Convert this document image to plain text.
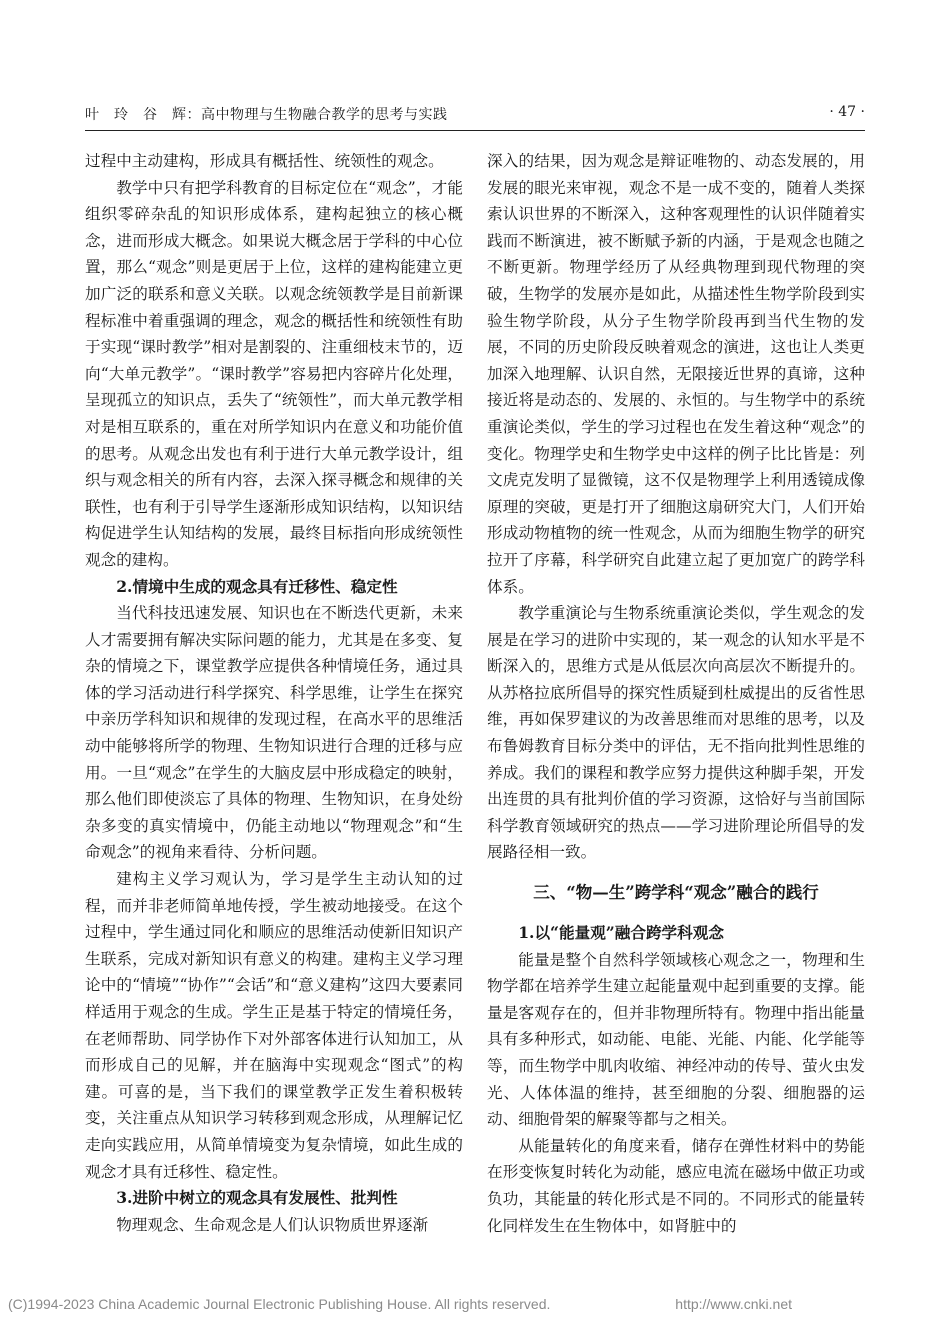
叶　玲　谷　辉：高中物理与生物融合教学的思考与实践	· 47 ·

过程中主动建构，形成具有概括性、统领性的观念。

教学中只有把学科教育的目标定位在“观念”，才能组织零碎杂乱的知识形成体系，建构起独立的核心概念，进而形成大概念。如果说大概念居于学科的中心位置，那么“观念”则是更居于上位，这样的建构能建立更加广泛的联系和意义关联。以观念统领教学是目前新课程标准中着重强调的理念，观念的概括性和统领性有助于实现“课时教学”相对是割裂的、注重细枝末节的，迈向“大单元教学”。“课时教学”容易把内容碎片化处理，呈现孤立的知识点，丢失了“统领性”，而大单元教学相对是相互联系的，重在对所学知识内在意义和功能价值的思考。从观念出发也有利于进行大单元教学设计，组织与观念相关的所有内容，去深入探寻概念和规律的关联性，也有利于引导学生逐渐形成知识结构，以知识结构促进学生认知结构的发展，最终目标指向形成统领性观念的建构。

2.情境中生成的观念具有迁移性、稳定性

当代科技迅速发展、知识也在不断迭代更新，未来人才需要拥有解决实际问题的能力，尤其是在多变、复杂的情境之下，课堂教学应提供各种情境任务，通过具体的学习活动进行科学探究、科学思维，让学生在探究中亲历学科知识和规律的发现过程，在高水平的思维活动中能够将所学的物理、生物知识进行合理的迁移与应用。一旦“观念”在学生的大脑皮层中形成稳定的映射，那么他们即使淡忘了具体的物理、生物知识，在身处纷杂多变的真实情境中，仍能主动地以“物理观念”和“生命观念”的视角来看待、分析问题。

建构主义学习观认为，学习是学生主动认知的过程，而并非老师简单地传授，学生被动地接受。在这个过程中，学生通过同化和顺应的思维活动使新旧知识产生联系，完成对新知识有意义的构建。建构主义学习理论中的“情境”“协作”“会话”和“意义建构”这四大要素同样适用于观念的生成。学生正是基于特定的情境任务，在老师帮助、同学协作下对外部客体进行认知加工，从而形成自己的见解，并在脑海中实现观念“图式”的构建。可喜的是，当下我们的课堂教学正发生着积极转变，关注重点从知识学习转移到观念形成，从理解记忆走向实践应用，从简单情境变为复杂情境，如此生成的观念才具有迁移性、稳定性。

3.进阶中树立的观念具有发展性、批判性

物理观念、生命观念是人们认识物质世界逐渐

深入的结果，因为观念是辩证唯物的、动态发展的，用发展的眼光来审视，观念不是一成不变的，随着人类探索认识世界的不断深入，这种客观理性的认识伴随着实践而不断演进，被不断赋予新的内涵，于是观念也随之不断更新。物理学经历了从经典物理到现代物理的突破，生物学的发展亦是如此，从描述性生物学阶段到实验生物学阶段，从分子生物学阶段再到当代生物的发展，不同的历史阶段反映着观念的演进，这也让人类更加深入地理解、认识自然，无限接近世界的真谛，这种接近将是动态的、发展的、永恒的。与生物学中的系统重演论类似，学生的学习过程也在发生着这种“观念”的变化。物理学史和生物学史中这样的例子比比皆是：列文虎克发明了显微镜，这不仅是物理学上利用透镜成像原理的突破，更是打开了细胞这扇研究大门，人们开始形成动物植物的统一性观念，从而为细胞生物学的研究拉开了序幕，科学研究自此建立起了更加宽广的跨学科体系。

教学重演论与生物系统重演论类似，学生观念的发展是在学习的进阶中实现的，某一观念的认知水平是不断深入的，思维方式是从低层次向高层次不断提升的。从苏格拉底所倡导的探究性质疑到杜威提出的反省性思维，再如保罗建议的为改善思维而对思维的思考，以及布鲁姆教育目标分类中的评估，无不指向批判性思维的养成。我们的课程和教学应努力提供这种脚手架，开发出连贯的具有批判价值的学习资源，这恰好与当前国际科学教育领域研究的热点——学习进阶理论所倡导的发展路径相一致。

三、“物—生”跨学科“观念”融合的践行
1.以“能量观”融合跨学科观念

能量是整个自然科学领域核心观念之一，物理和生物学都在培养学生建立起能量观中起到重要的支撑。能量是客观存在的，但并非物理所特有。物理中指出能量具有多种形式，如动能、电能、光能、内能、化学能等等，而生物学中肌肉收缩、神经冲动的传导、萤火虫发光、人体体温的维持，甚至细胞的分裂、细胞器的运动、细胞骨架的解聚等都与之相关。

从能量转化的角度来看，储存在弹性材料中的势能在形变恢复时转化为动能，感应电流在磁场中做正功或负功，其能量的转化形式是不同的。不同形式的能量转化同样发生在生物体中，如肾脏中的

(C)1994-2023 China Academic Journal Electronic Publishing House. All rights reserved.	http://www.cnki.net
